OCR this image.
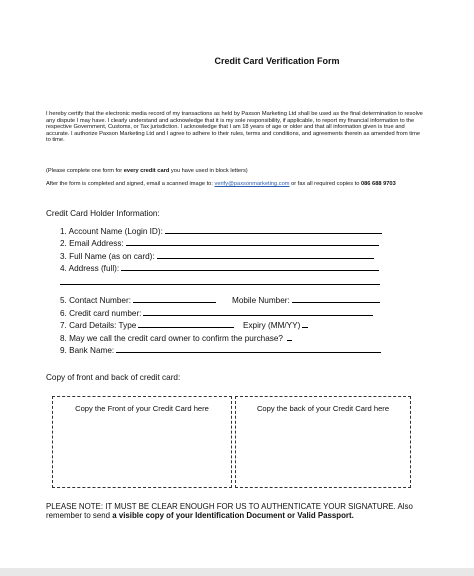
Credit Card Verification Form
I hereby certify that the electronic media record of my transactions as held by Paxson Marketing Ltd shall be used as the final determination to resolve any dispute I may have. I clearly understand and acknowledge that it is my sole responsibility, if applicable, to report my financial information to the respective Government, Customs, or Tax jurisdiction. I acknowledge that I am 18 years of age or older and that all information given is true and accurate. I authorize Paxson Marketing Ltd and I agree to adhere to their rules, terms and conditions, and agreements therein as amended from time to time.
(Please complete one form for every credit card you have used in block letters)
After the form is completed and signed, email a scanned image to: verify@paxsonmarketing.com or fax all required copies to 086 688 9703
Credit Card Holder Information:
1. Account Name (Login ID):
2. Email Address:
3. Full Name (as on card):
4. Address (full):
5. Contact Number:	Mobile Number:
6. Credit card number:
7. Card Details: Type	Expiry (MM/YY)
8. May we call the credit card owner to confirm the purchase?
9. Bank Name:
Copy of front and back of credit card:
Copy the Front of your Credit Card here	Copy the back of your Credit Card here
PLEASE NOTE: IT MUST BE CLEAR ENOUGH FOR US TO AUTHENTICATE YOUR SIGNATURE. Also remember to send a visible copy of your Identification Document or Valid Passport.
